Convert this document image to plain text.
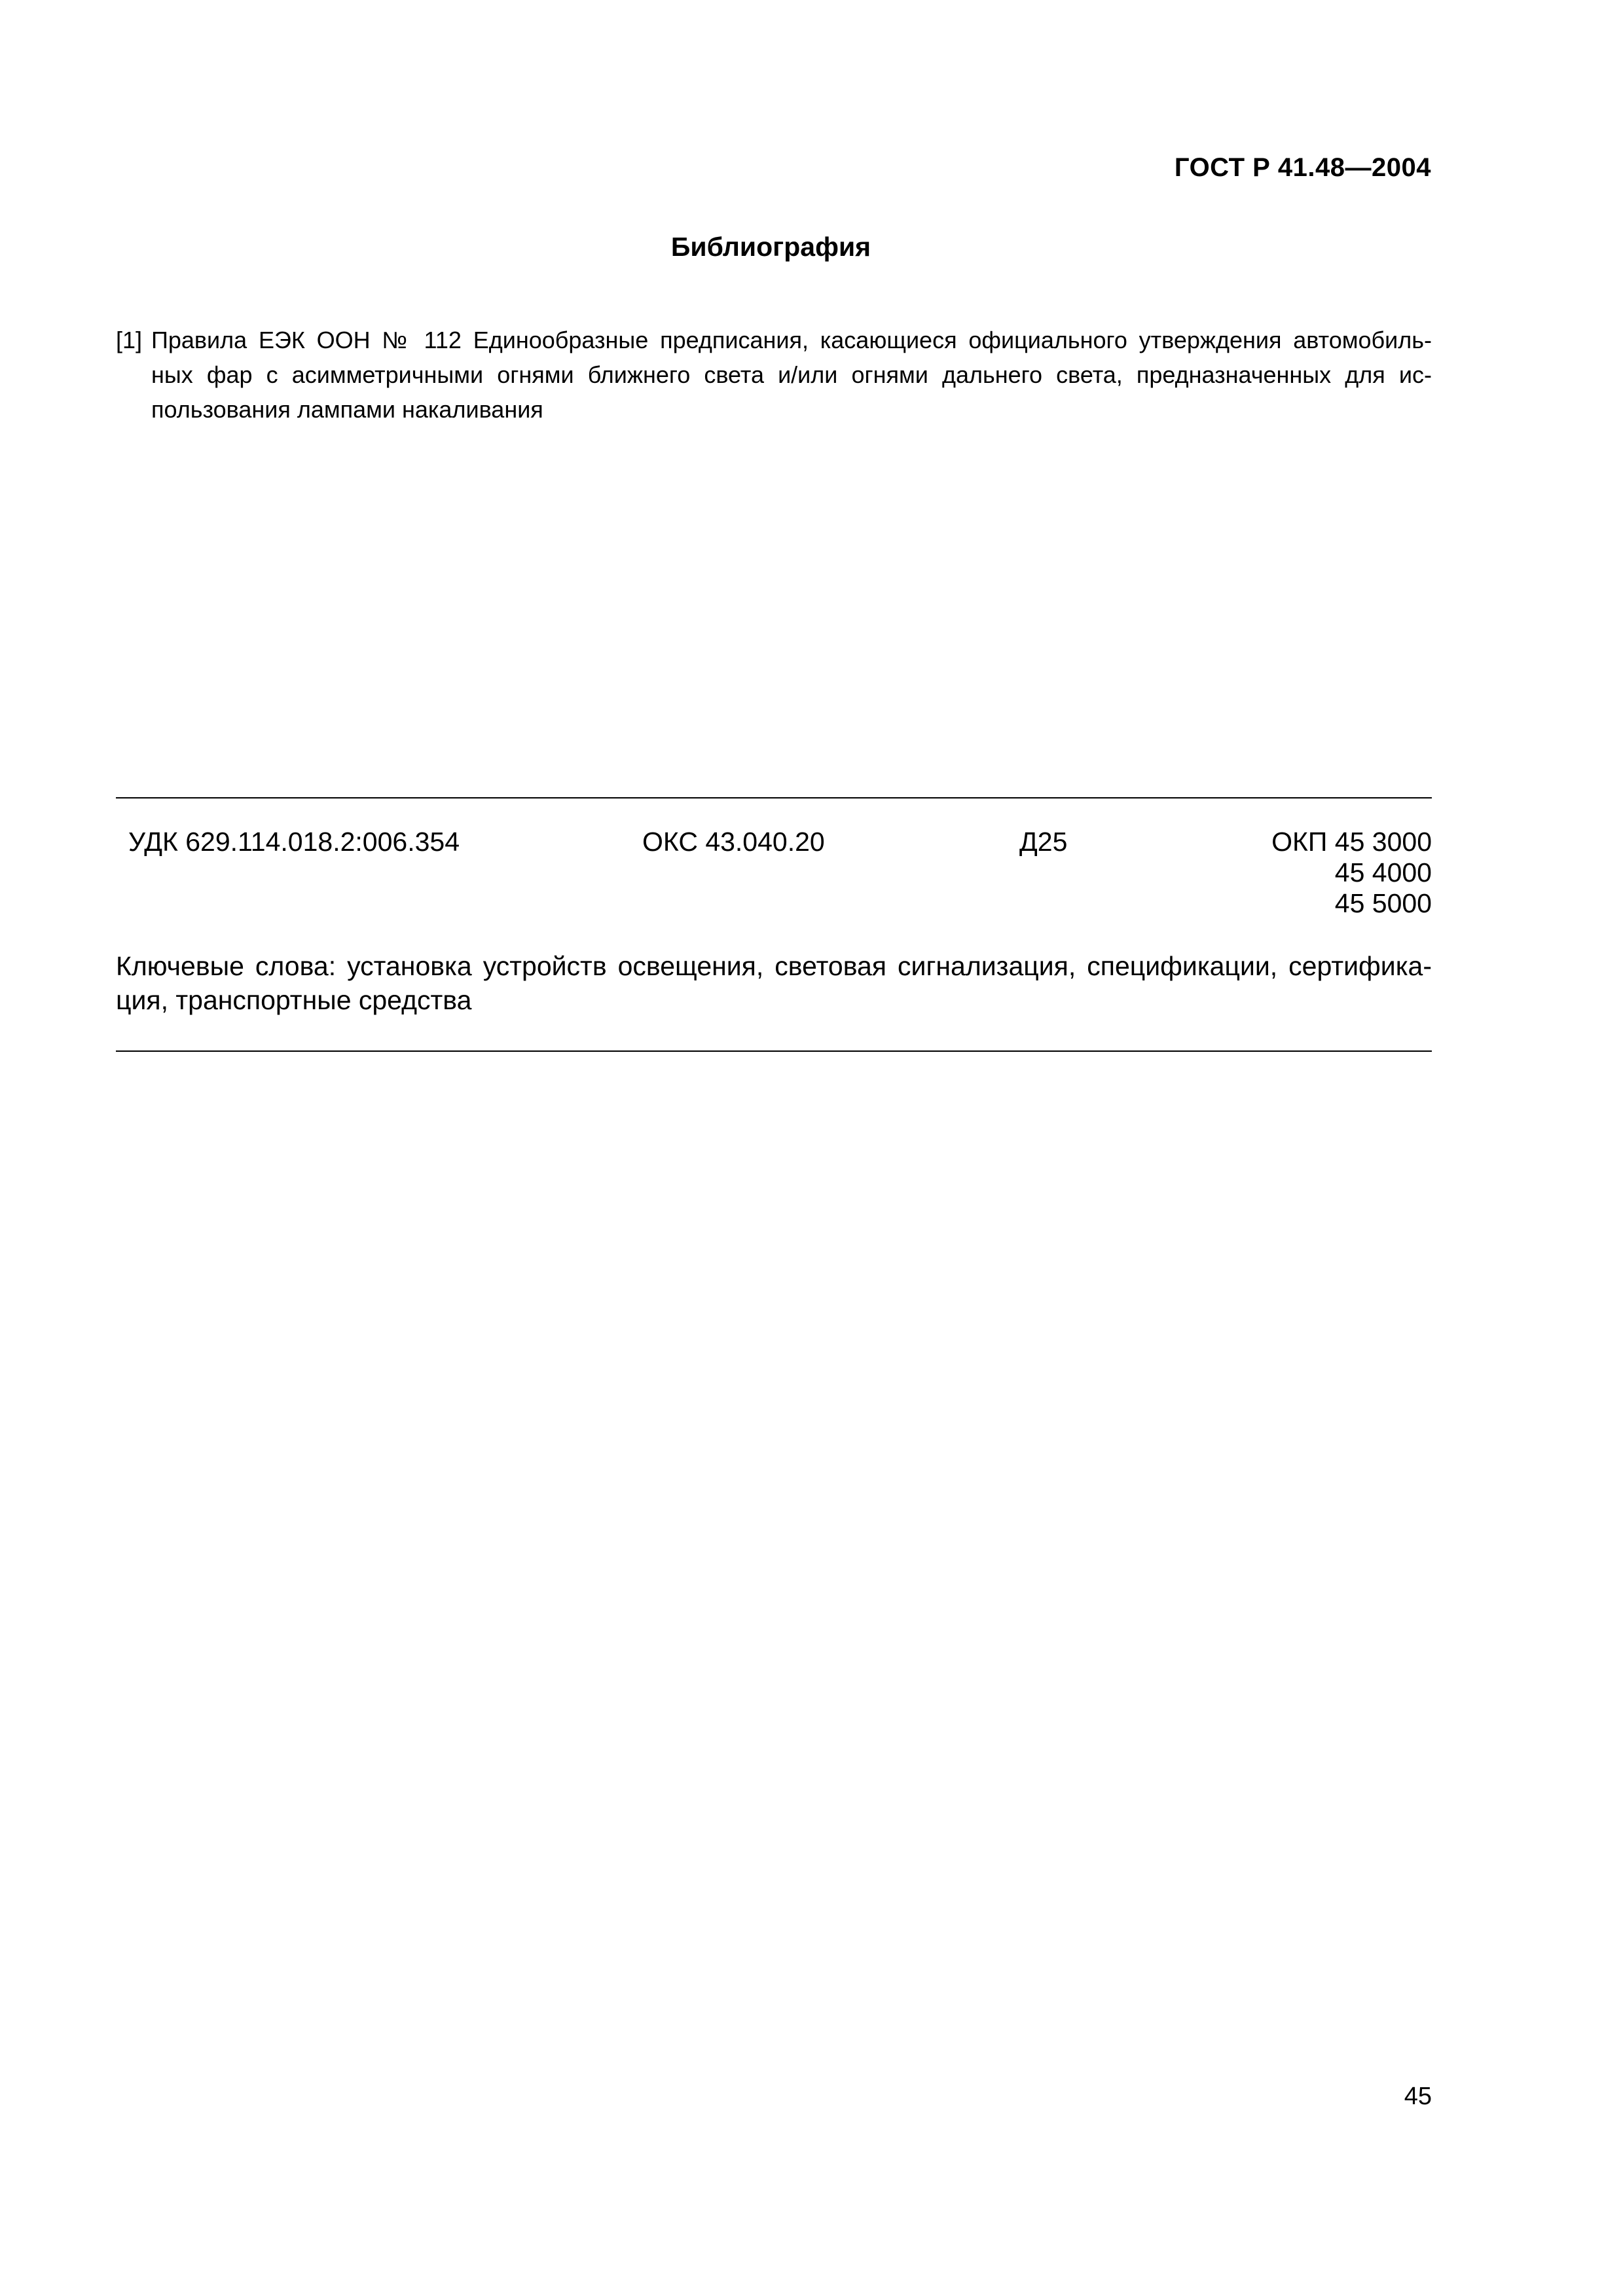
ГОСТ Р 41.48—2004
Библиография
[1] Правила ЕЭК ООН № 112 Единообразные предписания, касающиеся официального утверждения автомобиль-
ных фар с асимметричными огнями ближнего света и/или огнями дальнего света, предназначенных для ис-
пользования лампами накаливания
УДК 629.114.018.2:006.354	ОКС 43.040.20	Д25	ОКП 45 3000
45 4000
45 5000
Ключевые слова: установка устройств освещения, световая сигнализация, спецификации, сертифика-
ция, транспортные средства
45
